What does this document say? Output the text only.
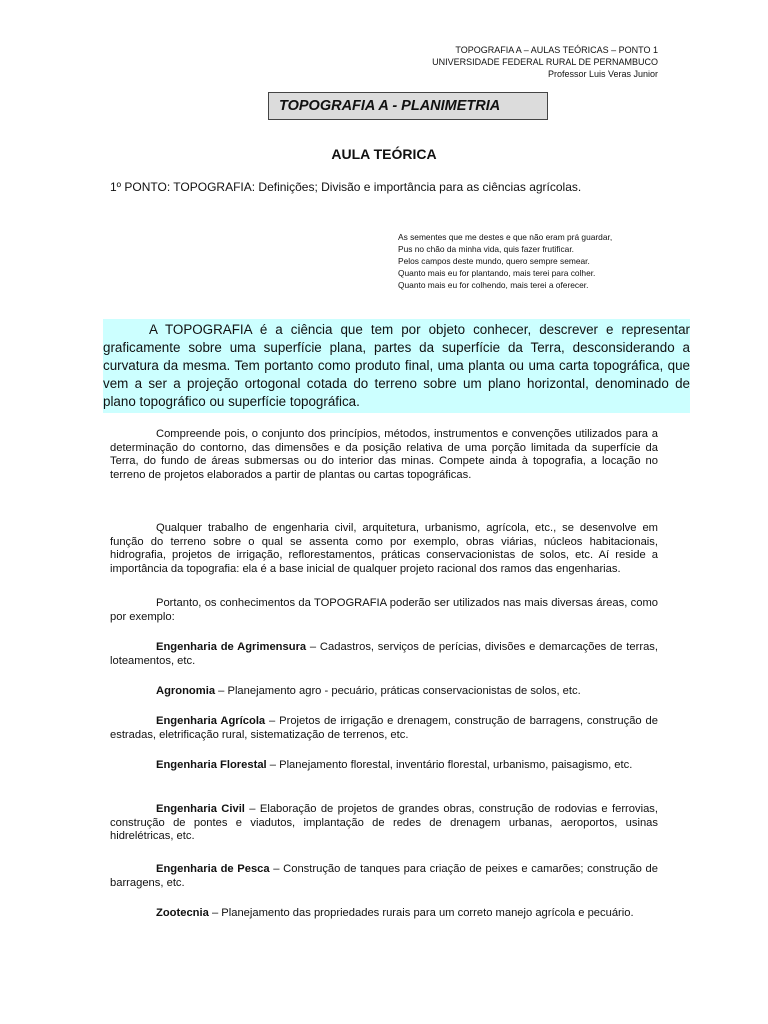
TOPOGRAFIA A – AULAS TEÓRICAS – PONTO 1
UNIVERSIDADE FEDERAL RURAL DE PERNAMBUCO
Professor Luis Veras Junior
TOPOGRAFIA A - PLANIMETRIA
AULA TEÓRICA
1º PONTO: TOPOGRAFIA: Definições; Divisão e importância para as ciências agrícolas.
As sementes que me destes e que não eram prá guardar,
Pus no chão da minha vida, quis fazer frutificar.
Pelos campos deste mundo, quero sempre semear.
Quanto mais eu for plantando, mais terei para colher.
Quanto mais eu for colhendo, mais terei a oferecer.
A TOPOGRAFIA é a ciência que tem por objeto conhecer, descrever e representar graficamente sobre uma superfície plana, partes da superfície da Terra, desconsiderando a curvatura da mesma. Tem portanto como produto final, uma planta ou uma carta topográfica, que vem a ser a projeção ortogonal cotada do terreno sobre um plano horizontal, denominado de plano topográfico ou superfície topográfica.
Compreende pois, o conjunto dos princípios, métodos, instrumentos e convenções utilizados para a determinação do contorno, das dimensões e da posição relativa de uma porção limitada da superfície da Terra, do fundo de áreas submersas ou do interior das minas. Compete ainda à topografia, a locação no terreno de projetos elaborados a partir de plantas ou cartas topográficas.
Qualquer trabalho de engenharia civil, arquitetura, urbanismo, agrícola, etc., se desenvolve em função do terreno sobre o qual se assenta como por exemplo, obras viárias, núcleos habitacionais, hidrografia, projetos de irrigação, reflorestamentos, práticas conservacionistas de solos, etc. Aí reside a importância da topografia: ela é a base inicial de qualquer projeto racional dos ramos das engenharias.
Portanto, os conhecimentos da TOPOGRAFIA poderão ser utilizados nas mais diversas áreas, como por exemplo:
Engenharia de Agrimensura – Cadastros, serviços de perícias, divisões e demarcações de terras, loteamentos, etc.
Agronomia – Planejamento agro - pecuário, práticas conservacionistas de solos, etc.
Engenharia Agrícola – Projetos de irrigação e drenagem, construção de barragens, construção de estradas, eletrificação rural, sistematização de terrenos, etc.
Engenharia Florestal – Planejamento florestal, inventário florestal, urbanismo, paisagismo, etc.
Engenharia Civil – Elaboração de projetos de grandes obras, construção de rodovias e ferrovias, construção de pontes e viadutos, implantação de redes de drenagem urbanas, aeroportos, usinas hidrelétricas, etc.
Engenharia de Pesca – Construção de tanques para criação de peixes e camarões; construção de barragens, etc.
Zootecnia – Planejamento das propriedades rurais para um correto manejo agrícola e pecuário.
